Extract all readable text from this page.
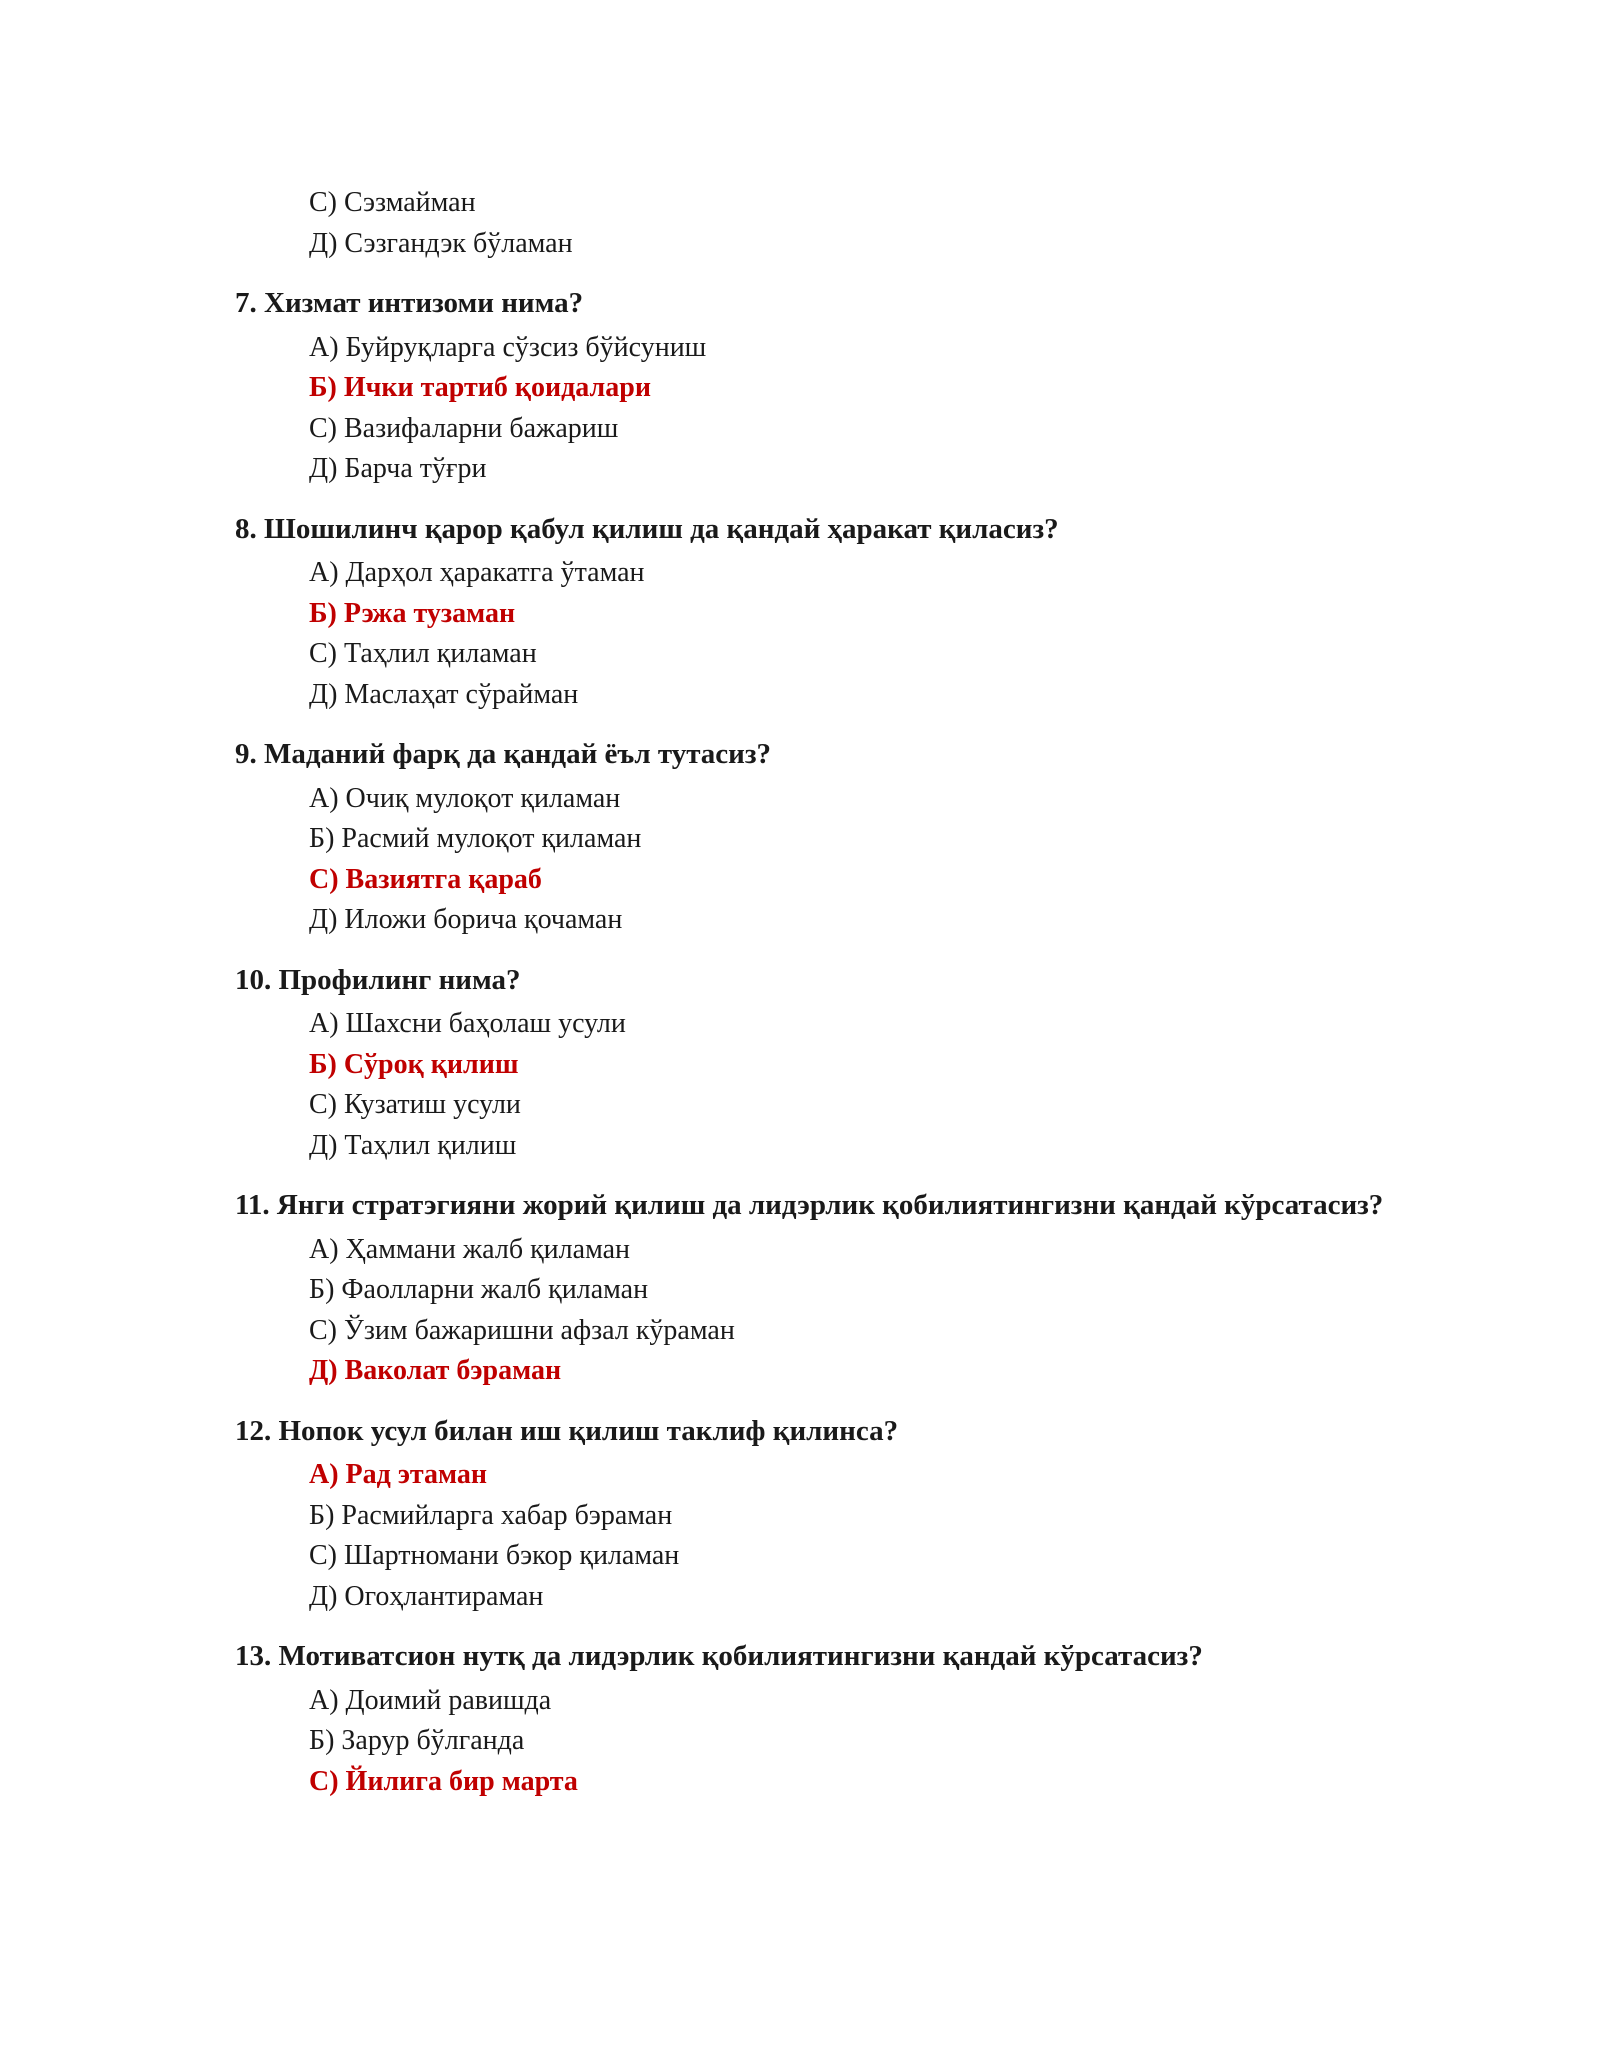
С) Сэзмайман
Д) Сэзгандэк бўламан
7. Хизмат интизоми нима?
А) Буйруқларга сўзсиз бўйсуниш
Б) Ички тартиб қоидалари
С) Вазифаларни бажариш
Д) Барча тўғри
8. Шошилинч қарор қабул қилиш да қандай ҳаракат қиласиз?
А) Дарҳол ҳаракатга ўтаман
Б) Рэжа тузаман
С) Таҳлил қиламан
Д) Маслаҳат сўрайман
9. Маданий фарқ да қандай ёъл тутасиз?
А) Очиқ мулоқот қиламан
Б) Расмий мулоқот қиламан
С) Вазиятга қараб
Д) Иложи борича қочаман
10. Профилинг нима?
А) Шахсни баҳолаш усули
Б) Сўроқ қилиш
С) Кузатиш усули
Д) Таҳлил қилиш
11. Янги стратэгияни жорий қилиш да лидэрлик қобилиятингизни қандай кўрсатасиз?
А) Ҳаммани жалб қиламан
Б) Фаолларни жалб қиламан
С) Ўзим бажаришни афзал кўраман
Д) Ваколат бэраман
12. Нопок усул билан иш қилиш таклиф қилинса?
А) Рад этаман
Б) Расмийларга хабар бэраман
С) Шартномани бэкор қиламан
Д) Огоҳлантираман
13. Мотиватсион нутқ да лидэрлик қобилиятингизни қандай кўрсатасиз?
А) Доимий равишда
Б) Зарур бўлганда
С) Йилига бир марта
